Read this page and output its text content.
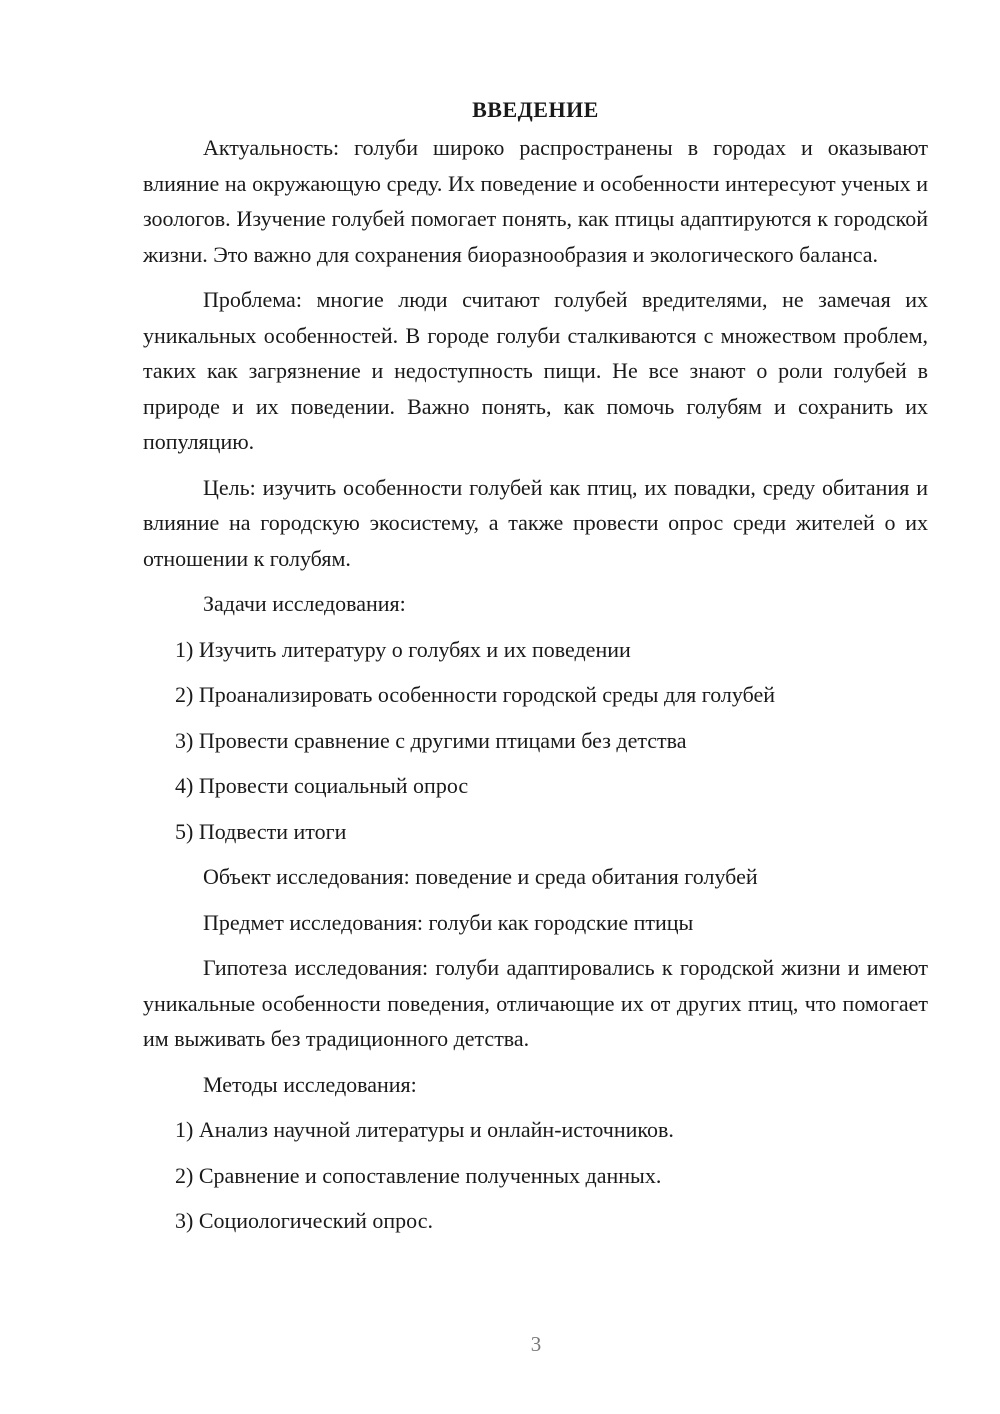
ВВЕДЕНИЕ

Актуальность: голуби широко распространены в городах и оказывают влияние на окружающую среду. Их поведение и особенности интересуют ученых и зоологов. Изучение голубей помогает понять, как птицы адаптируются к городской жизни. Это важно для сохранения биоразнообразия и экологического баланса.

Проблема: многие люди считают голубей вредителями, не замечая их уникальных особенностей. В городе голуби сталкиваются с множеством проблем, таких как загрязнение и недоступность пищи. Не все знают о роли голубей в природе и их поведении. Важно понять, как помочь голубям и сохранить их популяцию.

Цель: изучить особенности голубей как птиц, их повадки, среду обитания и влияние на городскую экосистему, а также провести опрос среди жителей о их отношении к голубям.

Задачи исследования:

1) Изучить литературу о голубях и их поведении

2) Проанализировать особенности городской среды для голубей

3) Провести сравнение с другими птицами без детства

4) Провести социальный опрос

5) Подвести итоги

Объект исследования: поведение и среда обитания голубей

Предмет исследования: голуби как городские птицы

Гипотеза исследования: голуби адаптировались к городской жизни и имеют уникальные особенности поведения, отличающие их от других птиц, что помогает им выживать без традиционного детства.

Методы исследования:

1) Анализ научной литературы и онлайн-источников.

2) Сравнение и сопоставление полученных данных.

3) Социологический опрос.

3
